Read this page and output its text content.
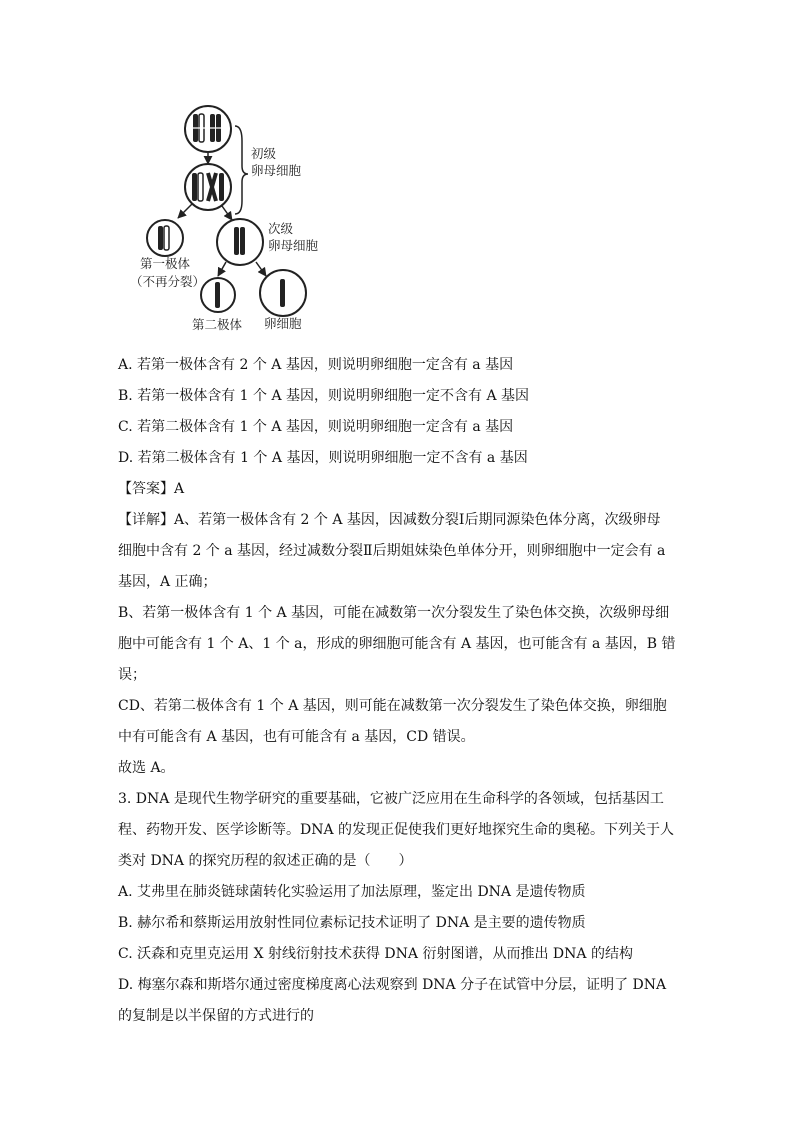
初级
卵母细胞
第一极体
（不再分裂）
次级
卵母细胞
第二极体 卵细胞
A. 若第一极体含有 2 个 A 基因，则说明卵细胞一定含有 a 基因
B. 若第一极体含有 1 个 A 基因，则说明卵细胞一定不含有 A 基因
C. 若第二极体含有 1 个 A 基因，则说明卵细胞一定含有 a 基因
D. 若第二极体含有 1 个 A 基因，则说明卵细胞一定不含有 a 基因
【答案】A
【详解】A、若第一极体含有 2 个 A 基因，因减数分裂Ⅰ后期同源染色体分离，次级卵母
细胞中含有 2 个 a 基因，经过减数分裂Ⅱ后期姐妹染色单体分开，则卵细胞中一定会有 a
基因，A 正确；
B、若第一极体含有 1 个 A 基因，可能在减数第一次分裂发生了染色体交换，次级卵母细
胞中可能含有 1 个 A、1 个 a，形成的卵细胞可能含有 A 基因，也可能含有 a 基因，B 错
误；
CD、若第二极体含有 1 个 A 基因，则可能在减数第一次分裂发生了染色体交换，卵细胞
中有可能含有 A 基因，也有可能含有 a 基因，CD 错误。
故选 A。
3. DNA 是现代生物学研究的重要基础，它被广泛应用在生命科学的各领域，包括基因工
程、药物开发、医学诊断等。DNA 的发现正促使我们更好地探究生命的奥秘。下列关于人
类对 DNA 的探究历程的叙述正确的是（　　）
A. 艾弗里在肺炎链球菌转化实验运用了加法原理，鉴定出 DNA 是遗传物质
B. 赫尔希和蔡斯运用放射性同位素标记技术证明了 DNA 是主要的遗传物质
C. 沃森和克里克运用 X 射线衍射技术获得 DNA 衍射图谱，从而推出 DNA 的结构
D. 梅塞尔森和斯塔尔通过密度梯度离心法观察到 DNA 分子在试管中分层，证明了 DNA
的复制是以半保留的方式进行的
